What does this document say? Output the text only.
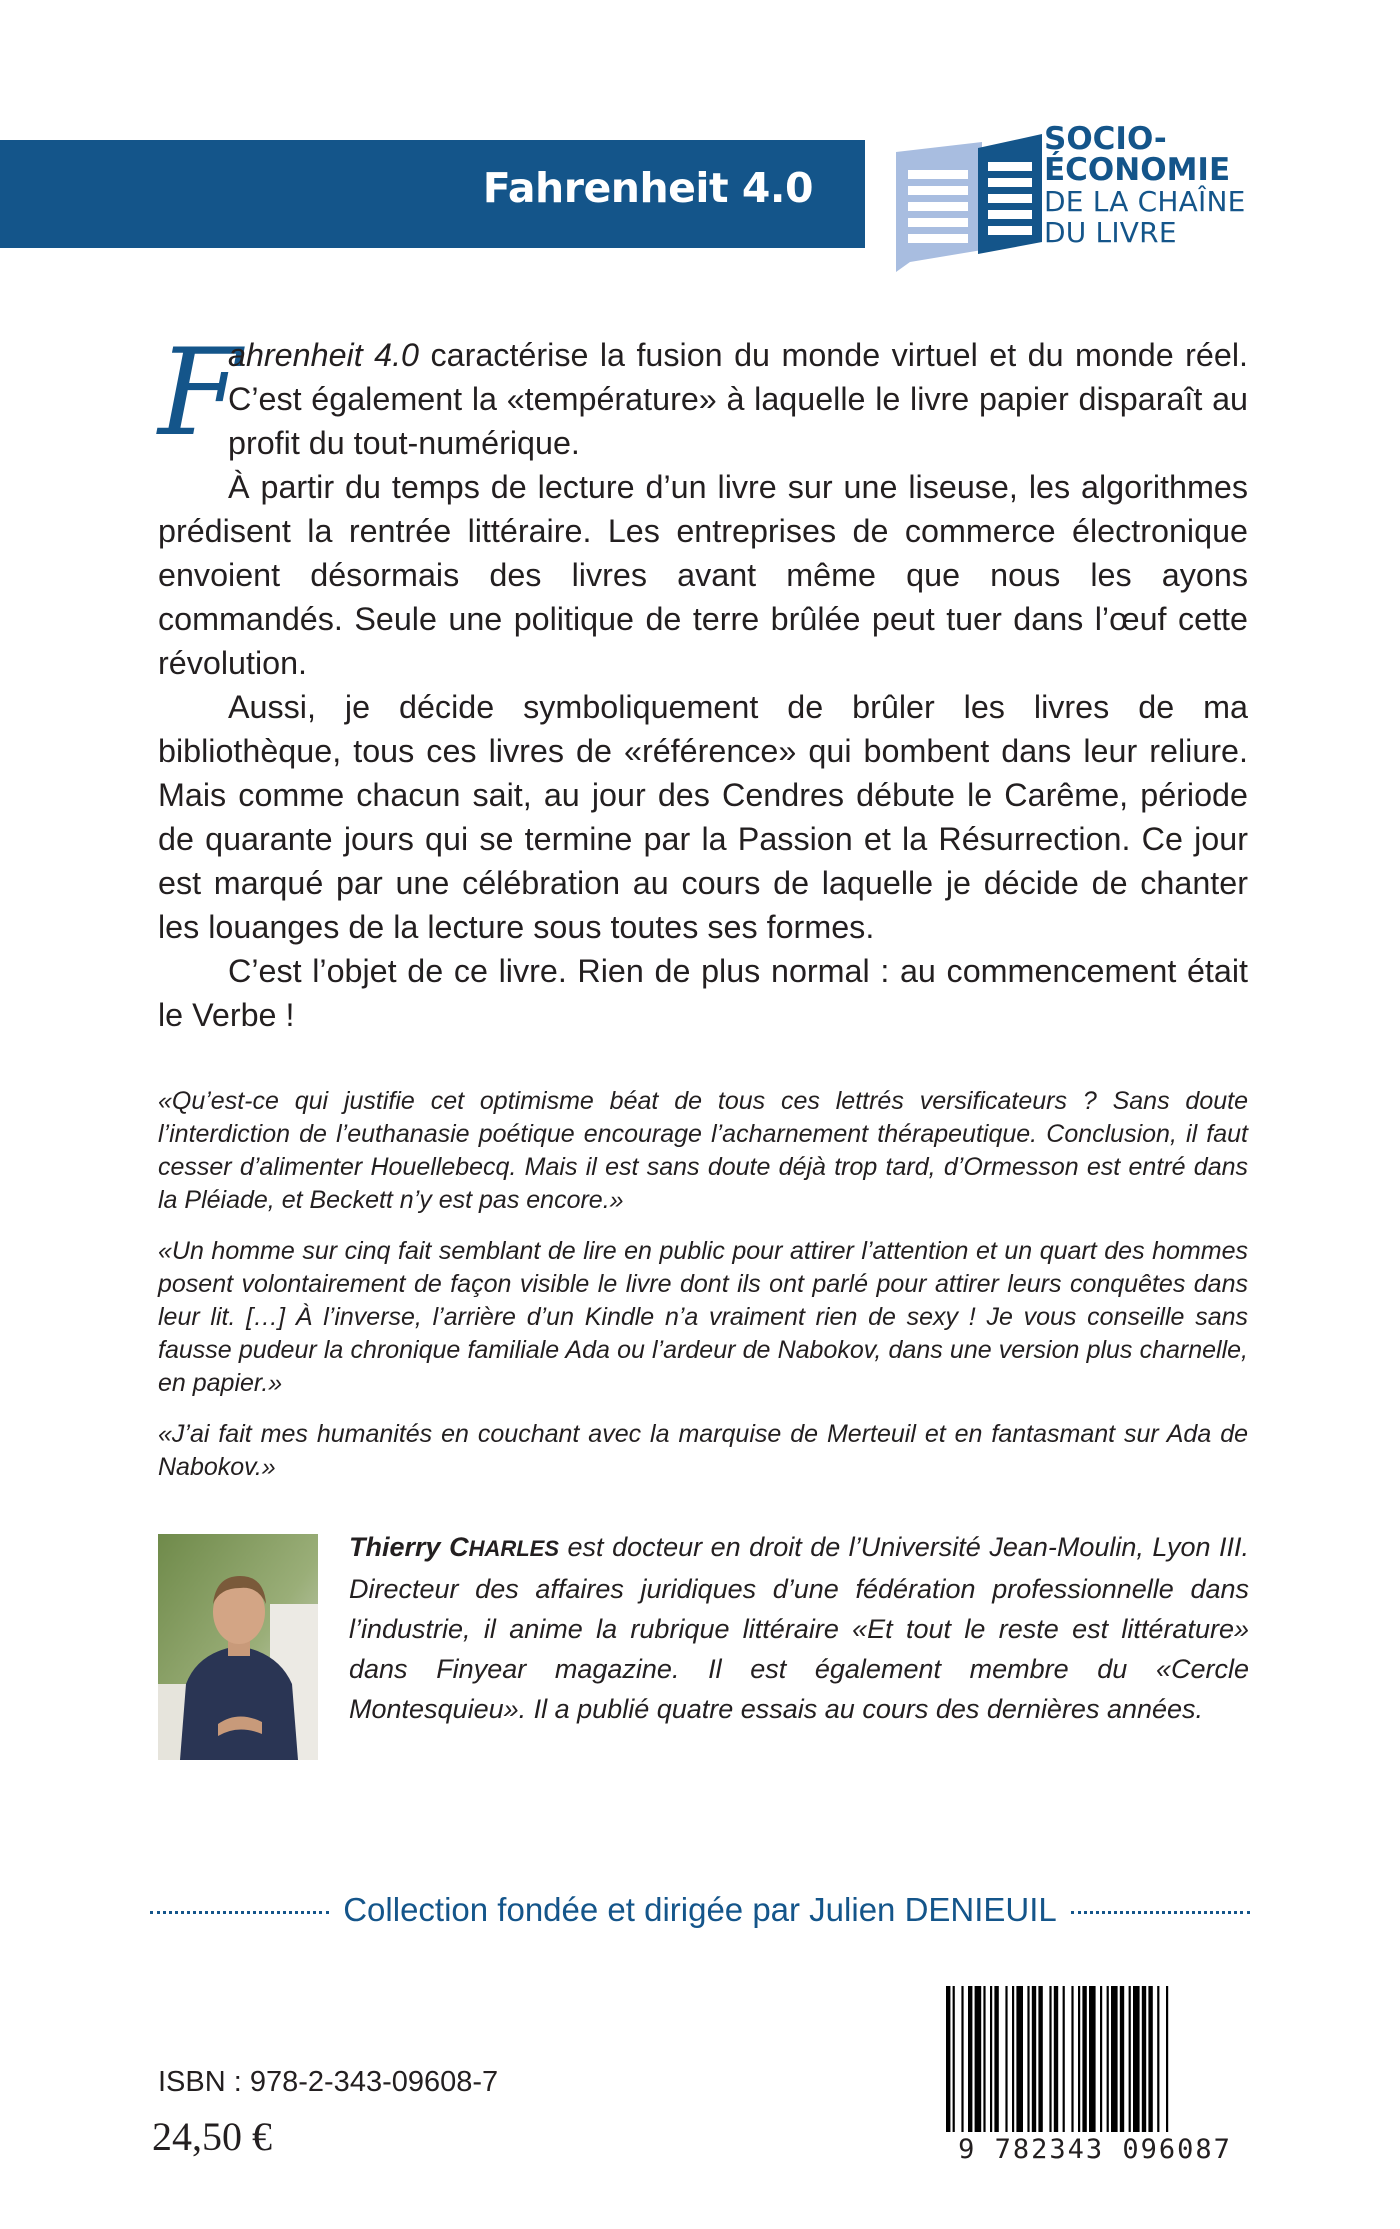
Fahrenheit 4.0
SOCIO-
ÉCONOMIE
DE LA CHAÎNE
DU LIVRE
F

ahrenheit 4.0 caractérise la fusion du monde virtuel et du monde réel. C’est également la «température» à laquelle le livre papier disparaît au profit du tout-numérique.

À partir du temps de lecture d’un livre sur une liseuse, les algorithmes prédisent la rentrée littéraire. Les entreprises de commerce électronique envoient désormais des livres avant même que nous les ayons commandés. Seule une politique de terre brûlée peut tuer dans l’œuf cette révolution.

Aussi, je décide symboliquement de brûler les livres de ma bibliothèque, tous ces livres de «référence» qui bombent dans leur reliure. Mais comme chacun sait, au jour des Cendres débute le Carême, période de quarante jours qui se termine par la Passion et la Résurrection. Ce jour est marqué par une célébration au cours de laquelle je décide de chanter les louanges de la lecture sous toutes ses formes.

C’est l’objet de ce livre. Rien de plus normal : au commencement était le Verbe !

«Qu’est-ce qui justifie cet optimisme béat de tous ces lettrés versificateurs ? Sans doute l’interdiction de l’euthanasie poétique encourage l’acharnement thérapeutique. Conclusion, il faut cesser d’alimenter Houellebecq. Mais il est sans doute déjà trop tard, d’Ormesson est entré dans la Pléiade, et Beckett n’y est pas encore.»

«Un homme sur cinq fait semblant de lire en public pour attirer l’attention et un quart des hommes posent volontairement de façon visible le livre dont ils ont parlé pour attirer leurs conquêtes dans leur lit. […] À l’inverse, l’arrière d’un Kindle n’a vraiment rien de sexy ! Je vous conseille sans fausse pudeur la chronique familiale Ada ou l’ardeur de Nabokov, dans une version plus charnelle, en papier.»

«J’ai fait mes humanités en couchant avec la marquise de Merteuil et en fantasmant sur Ada de Nabokov.»

Thierry CHARLES est docteur en droit de l’Université Jean-Moulin, Lyon III. Directeur des affaires juridiques d’une fédération professionnelle dans l’industrie, il anime la rubrique littéraire «Et tout le reste est littérature» dans Finyear magazine. Il est également membre du «Cercle Montesquieu». Il a publié quatre essais au cours des dernières années.
Collection fondée et dirigée par Julien DENIEUIL
ISBN : 978-2-343-09608-7
24,50 €	9 782343 096087
